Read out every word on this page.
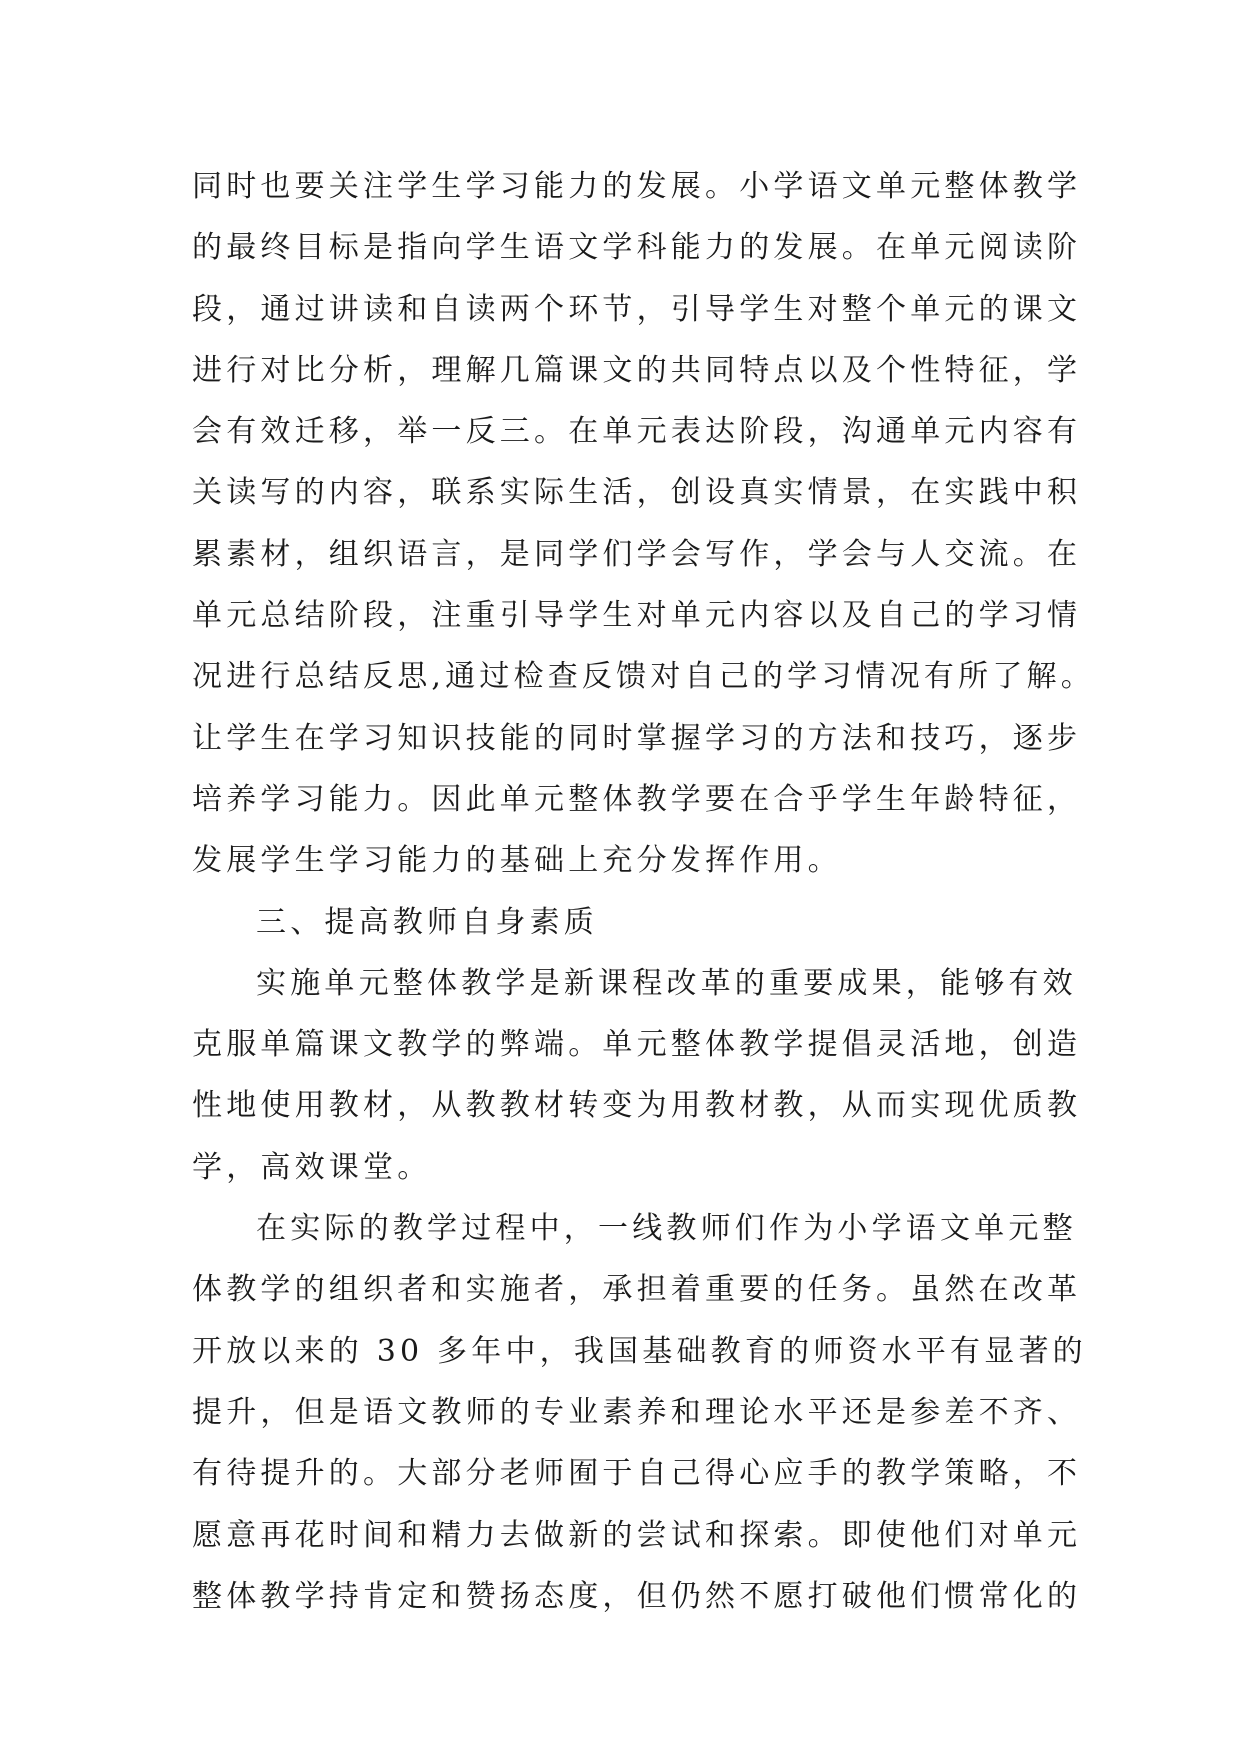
同时也要关注学生学习能力的发展。小学语文单元整体教学
的最终目标是指向学生语文学科能力的发展。在单元阅读阶
段，通过讲读和自读两个环节，引导学生对整个单元的课文
进行对比分析，理解几篇课文的共同特点以及个性特征，学
会有效迁移，举一反三。在单元表达阶段，沟通单元内容有
关读写的内容，联系实际生活，创设真实情景，在实践中积
累素材，组织语言，是同学们学会写作，学会与人交流。在
单元总结阶段，注重引导学生对单元内容以及自己的学习情
况进行总结反思,通过检查反馈对自己的学习情况有所了解。
让学生在学习知识技能的同时掌握学习的方法和技巧，逐步
培养学习能力。因此单元整体教学要在合乎学生年龄特征，
发展学生学习能力的基础上充分发挥作用。
三、提高教师自身素质
实施单元整体教学是新课程改革的重要成果，能够有效
克服单篇课文教学的弊端。单元整体教学提倡灵活地，创造
性地使用教材，从教教材转变为用教材教，从而实现优质教
学，高效课堂。
在实际的教学过程中，一线教师们作为小学语文单元整
体教学的组织者和实施者，承担着重要的任务。虽然在改革
开放以来的 30 多年中，我国基础教育的师资水平有显著的
提升，但是语文教师的专业素养和理论水平还是参差不齐、
有待提升的。大部分老师囿于自己得心应手的教学策略，不
愿意再花时间和精力去做新的尝试和探索。即使他们对单元
整体教学持肯定和赞扬态度，但仍然不愿打破他们惯常化的
